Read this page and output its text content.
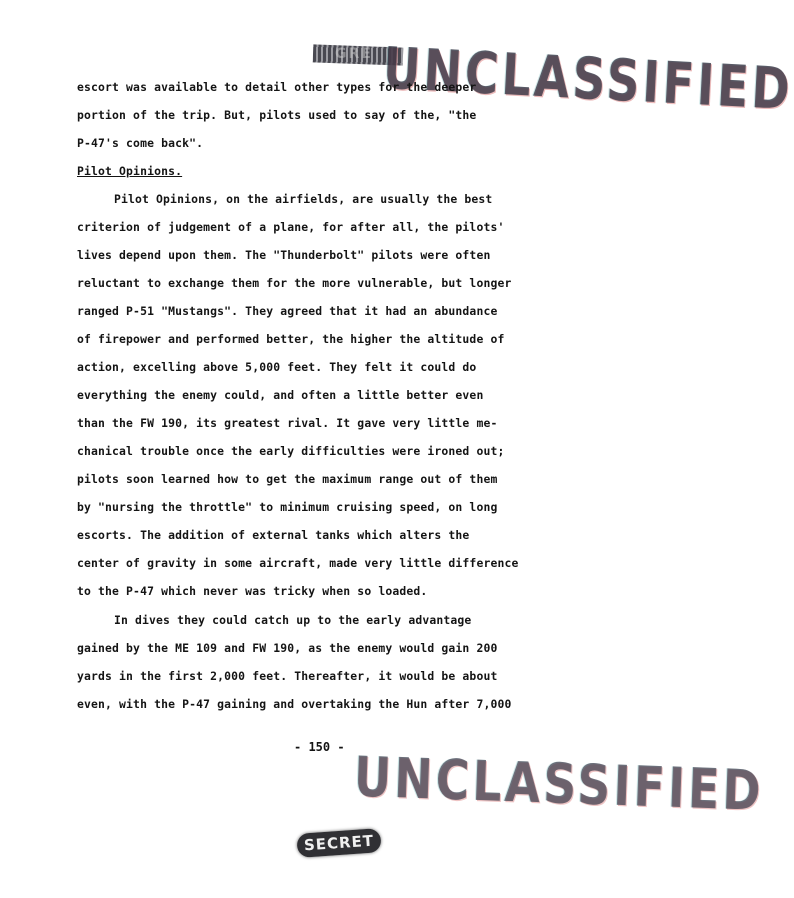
GRE UNCLASSIFIED
escort was available to detail other types for the deeper
portion of the trip. But, pilots used to say of the, "the
P-47's come back".
Pilot Opinions.
Pilot Opinions, on the airfields, are usually the best
criterion of judgement of a plane, for after all, the pilots'
lives depend upon them. The "Thunderbolt" pilots were often
reluctant to exchange them for the more vulnerable, but longer
ranged P-51 "Mustangs". They agreed that it had an abundance
of firepower and performed better, the higher the altitude of
action, excelling above 5,000 feet. They felt it could do
everything the enemy could, and often a little better even
than the FW 190, its greatest rival. It gave very little me-
chanical trouble once the early difficulties were ironed out;
pilots soon learned how to get the maximum range out of them
by "nursing the throttle" to minimum cruising speed, on long
escorts. The addition of external tanks which alters the
center of gravity in some aircraft, made very little difference
to the P-47 which never was tricky when so loaded.
In dives they could catch up to the early advantage
gained by the ME 109 and FW 190, as the enemy would gain 200
yards in the first 2,000 feet. Thereafter, it would be about
even, with the P-47 gaining and overtaking the Hun after 7,000
- 150 - UNCLASSIFIED
SECRET
